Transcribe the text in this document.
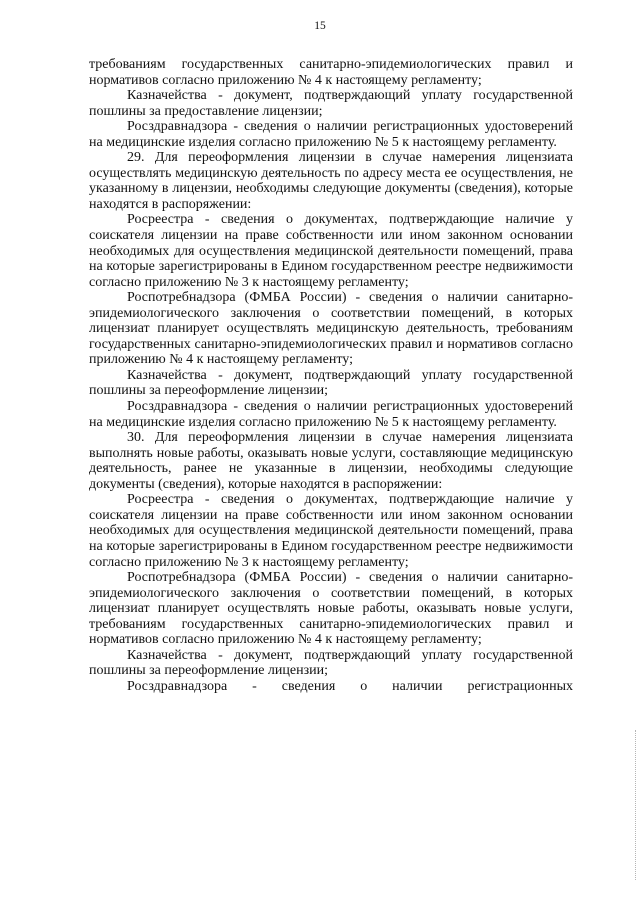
15

требованиям государственных санитарно-эпидемиологических правил и нормативов согласно приложению № 4 к настоящему регламенту;

Казначейства - документ, подтверждающий уплату государственной пошлины за предоставление лицензии;

Росздравнадзора - сведения о наличии регистрационных удостоверений на медицинские изделия согласно приложению № 5 к настоящему регламенту.

29. Для переоформления лицензии в случае намерения лицензиата осуществлять медицинскую деятельность по адресу места ее осуществления, не указанному в лицензии, необходимы следующие документы (сведения), которые находятся в распоряжении:

Росреестра - сведения о документах, подтверждающие наличие у соискателя лицензии на праве собственности или ином законном основании необходимых для осуществления медицинской деятельности помещений, права на которые зарегистрированы в Едином государственном реестре недвижимости согласно приложению № 3 к настоящему регламенту;

Роспотребнадзора (ФМБА России) - сведения о наличии санитарно-эпидемиологического заключения о соответствии помещений, в которых лицензиат планирует осуществлять медицинскую деятельность, требованиям государственных санитарно-эпидемиологических правил и нормативов согласно приложению № 4 к настоящему регламенту;

Казначейства - документ, подтверждающий уплату государственной пошлины за переоформление лицензии;

Росздравнадзора - сведения о наличии регистрационных удостоверений на медицинские изделия согласно приложению № 5 к настоящему регламенту.

30. Для переоформления лицензии в случае намерения лицензиата выполнять новые работы, оказывать новые услуги, составляющие медицинскую деятельность, ранее не указанные в лицензии, необходимы следующие документы (сведения), которые находятся в распоряжении:

Росреестра - сведения о документах, подтверждающие наличие у соискателя лицензии на праве собственности или ином законном основании необходимых для осуществления медицинской деятельности помещений, права на которые зарегистрированы в Едином государственном реестре недвижимости согласно приложению № 3 к настоящему регламенту;

Роспотребнадзора (ФМБА России) - сведения о наличии санитарно-эпидемиологического заключения о соответствии помещений, в которых лицензиат планирует осуществлять новые работы, оказывать новые услуги, требованиям государственных санитарно-эпидемиологических правил и нормативов согласно приложению № 4 к настоящему регламенту;

Казначейства - документ, подтверждающий уплату государственной пошлины за переоформление лицензии;

Росздравнадзора - сведения о наличии регистрационных
